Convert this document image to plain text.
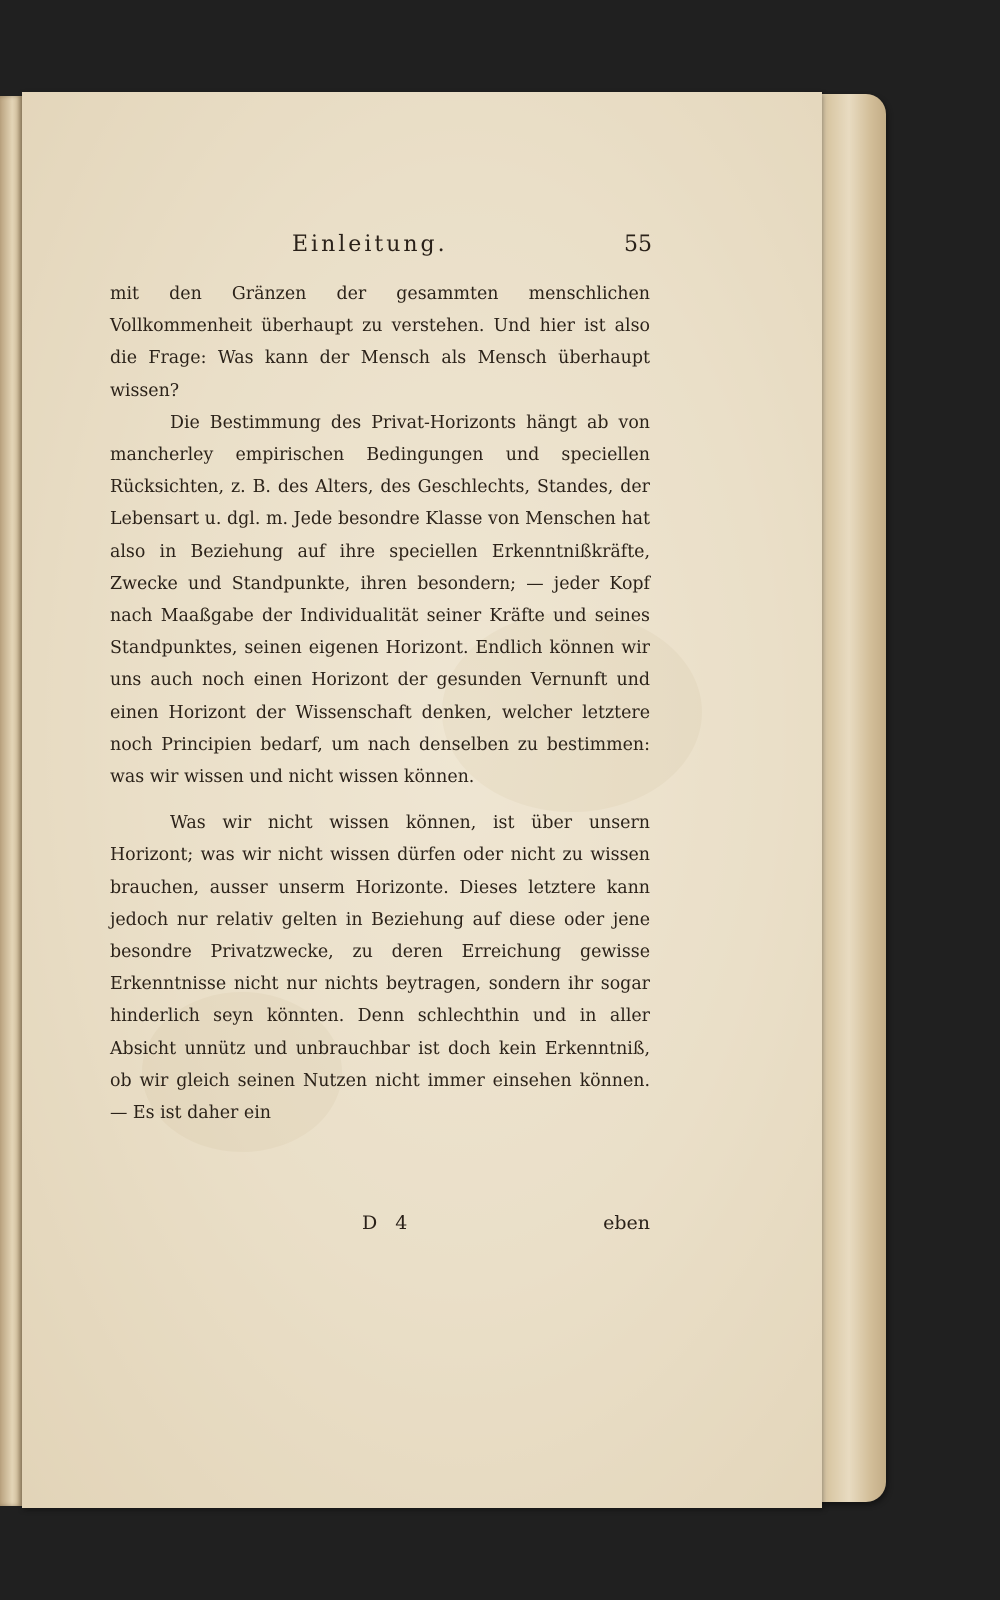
Einleitung.	55

mit den Gränzen der gesammten menschlichen Vollkommenheit überhaupt zu verstehen. Und hier ist also die Frage: Was kann der Mensch als Mensch überhaupt wissen?

Die Bestimmung des Privat-Horizonts hängt ab von mancherley empirischen Bedingungen und speciellen Rücksichten, z. B. des Alters, des Geschlechts, Standes, der Lebensart u. dgl. m. Jede besondre Klasse von Menschen hat also in Beziehung auf ihre speciellen Erkenntnißkräfte, Zwecke und Standpunkte, ihren besondern; — jeder Kopf nach Maaßgabe der Individualität seiner Kräfte und seines Standpunktes, seinen eigenen Horizont. Endlich können wir uns auch noch einen Horizont der gesunden Vernunft und einen Horizont der Wissenschaft denken, welcher letztere noch Principien bedarf, um nach denselben zu bestimmen: was wir wissen und nicht wissen können.

Was wir nicht wissen können, ist über unsern Horizont; was wir nicht wissen dürfen oder nicht zu wissen brauchen, ausser unserm Horizonte. Dieses letztere kann jedoch nur relativ gelten in Beziehung auf diese oder jene besondre Privatzwecke, zu deren Erreichung gewisse Erkenntnisse nicht nur nichts beytragen, sondern ihr sogar hinderlich seyn könnten. Denn schlechthin und in aller Absicht unnütz und unbrauchbar ist doch kein Erkenntniß, ob wir gleich seinen Nutzen nicht immer einsehen können. — Es ist daher ein

D 4	eben
